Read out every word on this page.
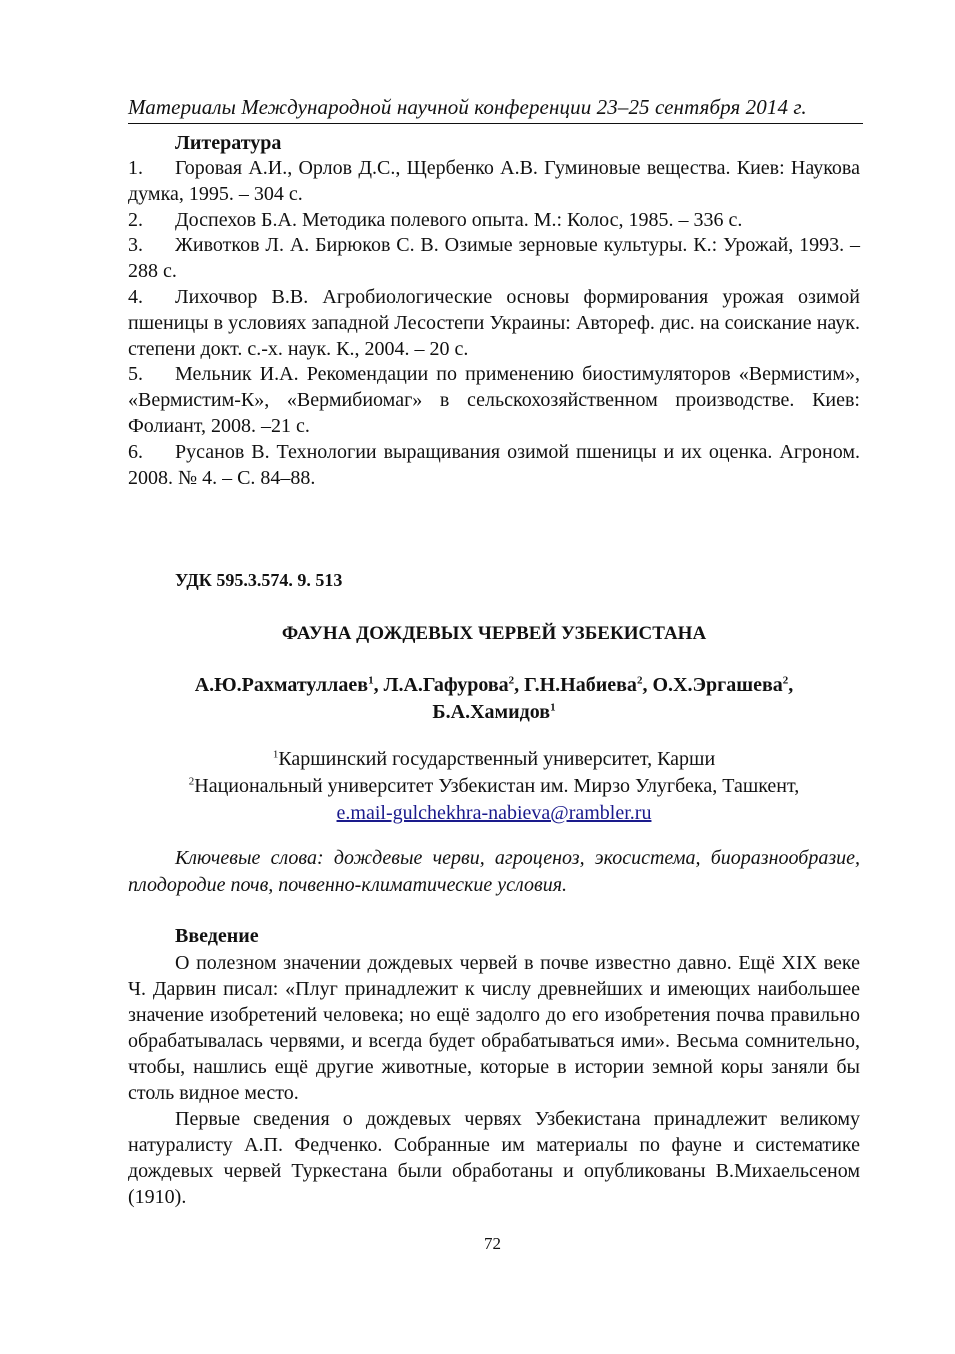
Материалы Международной научной конференции 23–25 сентября 2014 г.
Литература
1. Горовая А.И., Орлов Д.С., Щербенко А.В. Гуминовые вещества. Киев: Наукова думка, 1995. – 304 с.
2. Доспехов Б.А. Методика полевого опыта. М.: Колос, 1985. – 336 с.
3. Животков Л. А. Бирюков С. В. Озимые зерновые культуры. К.: Урожай, 1993. – 288 с.
4. Лихочвор В.В. Агробиологические основы формирования урожая озимой пшеницы в условиях западной Лесостепи Украины: Автореф. дис. на соискание наук. степени докт. с.-х. наук. К., 2004. – 20 с.
5. Мельник И.А. Рекомендации по применению биостимуляторов «Вермистим», «Вермистим-К», «Вермибиомаг» в сельскохозяйственном производстве. Киев: Фолиант, 2008. –21 с.
6. Русанов В. Технологии выращивания озимой пшеницы и их оценка. Агроном. 2008. № 4. – С. 84–88.
УДК 595.3.574. 9. 513
ФАУНА ДОЖДЕВЫХ ЧЕРВЕЙ УЗБЕКИСТАНА
А.Ю.Рахматуллаев$^1$, Л.А.Гафурова$^2$, Г.Н.Набиева$^2$, О.Х.Эргашева$^2$,
Б.А.Хамидов$^1$
$^1$Каршинский государственный университет, Карши
$^2$Национальный университет Узбекистан им. Мирзо Улугбека, Ташкент,
e.mail-gulchekhra-nabieva@rambler.ru
Ключевые слова: дождевые черви, агроценоз, экосистема, биоразнообразие, плодородие почв, почвенно-климатические условия.
Введение

О полезном значении дождевых червей в почве известно давно. Ещё XIX веке Ч. Дарвин писал: «Плуг принадлежит к числу древнейших и имеющих наибольшее значение изобретений человека; но ещё задолго до его изобретения почва правильно обрабатывалась червями, и всегда будет обрабатываться ими». Весьма сомнительно, чтобы, нашлись ещё другие животные, которые в истории земной коры заняли бы столь видное место.

Первые сведения о дождевых червях Узбекистана принадлежит великому натуралисту А.П. Федченко. Собранные им материалы по фауне и систематике дождевых червей Туркестана были обработаны и опубликованы В.Михаельсеном (1910).

72
